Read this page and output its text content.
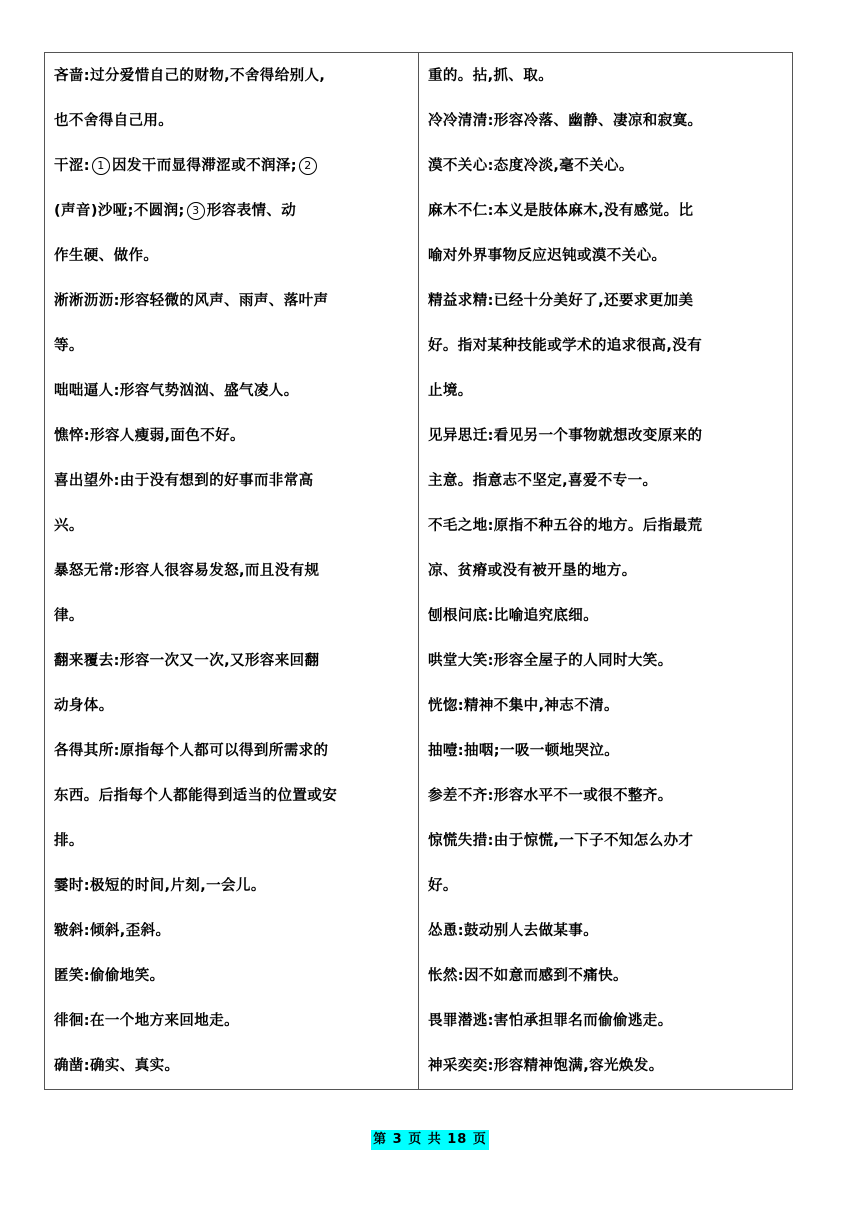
吝啬:过分爱惜自己的财物,不舍得给别人,
也不舍得自己用。
干涩: 1 因发干而显得滞涩或不润泽; 2
(声音)沙哑;不圆润; 3 形容表情、动
作生硬、做作。
淅淅沥沥:形容轻微的风声、雨声、落叶声
等。
咄咄逼人:形容气势汹汹、盛气凌人。
憔悴:形容人瘦弱,面色不好。
喜出望外:由于没有想到的好事而非常高
兴。
暴怒无常:形容人很容易发怒,而且没有规
律。
翻来覆去:形容一次又一次,又形容来回翻
动身体。
各得其所:原指每个人都可以得到所需求的
东西。后指每个人都能得到适当的位置或安
排。
霎时:极短的时间,片刻,一会儿。
皲斜:倾斜,歪斜。
匿笑:偷偷地笑。
徘徊:在一个地方来回地走。
确凿:确实、真实。
重的。拈,抓、取。
冷冷清清:形容冷落、幽静、凄凉和寂寞。
漠不关心:态度冷淡,毫不关心。
麻木不仁:本义是肢体麻木,没有感觉。比
喻对外界事物反应迟钝或漠不关心。
精益求精:已经十分美好了,还要求更加美
好。指对某种技能或学术的追求很高,没有
止境。
见异思迁:看见另一个事物就想改变原来的
主意。指意志不坚定,喜爱不专一。
不毛之地:原指不种五谷的地方。后指最荒
凉、贫瘠或没有被开垦的地方。
刨根问底:比喻追究底细。
哄堂大笑:形容全屋子的人同时大笑。
恍惚:精神不集中,神志不清。
抽噎:抽咽;一吸一顿地哭泣。
参差不齐:形容水平不一或很不整齐。
惊慌失措:由于惊慌,一下子不知怎么办才
好。
怂恿:鼓动别人去做某事。
怅然:因不如意而感到不痛快。
畏罪潜逃:害怕承担罪名而偷偷逃走。
神采奕奕:形容精神饱满,容光焕发。
第 3 页 共 18 页
